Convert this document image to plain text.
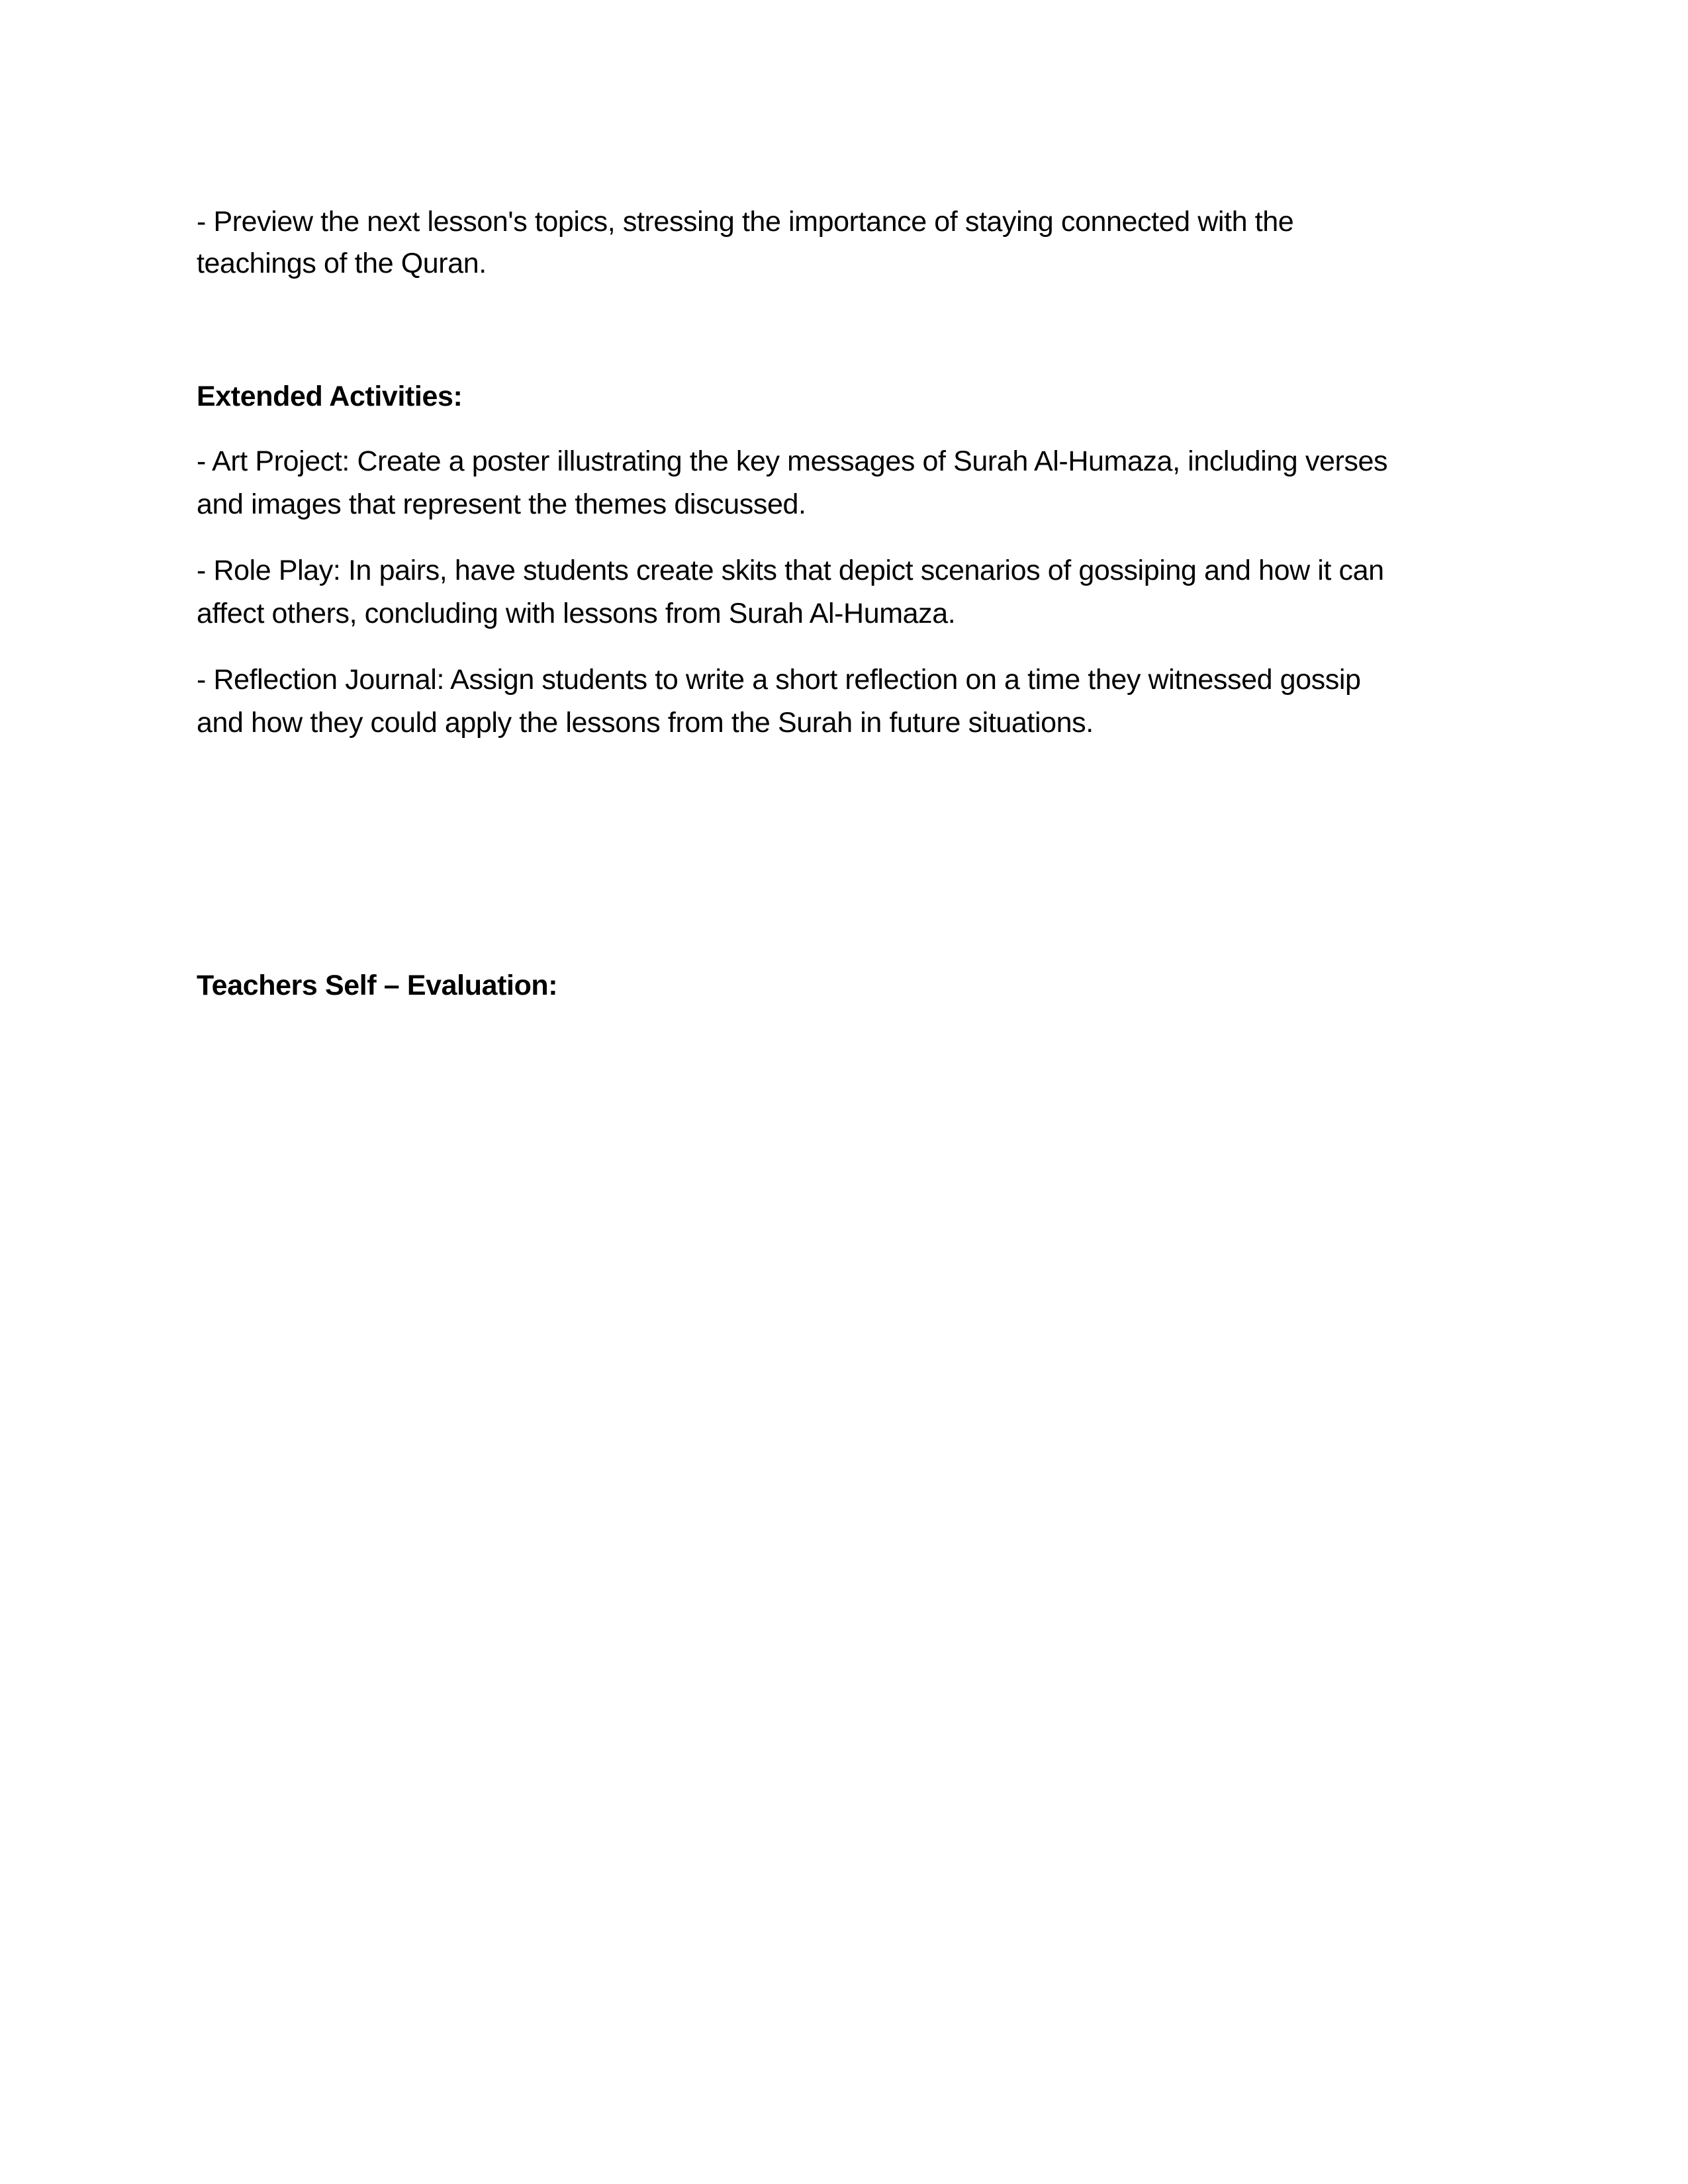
- Preview the next lesson's topics, stressing the importance of staying connected with the
teachings of the Quran.
Extended Activities:
- Art Project: Create a poster illustrating the key messages of Surah Al-Humaza, including verses
and images that represent the themes discussed.
- Role Play: In pairs, have students create skits that depict scenarios of gossiping and how it can
affect others, concluding with lessons from Surah Al-Humaza.
- Reflection Journal: Assign students to write a short reflection on a time they witnessed gossip
and how they could apply the lessons from the Surah in future situations.
Teachers Self – Evaluation:
